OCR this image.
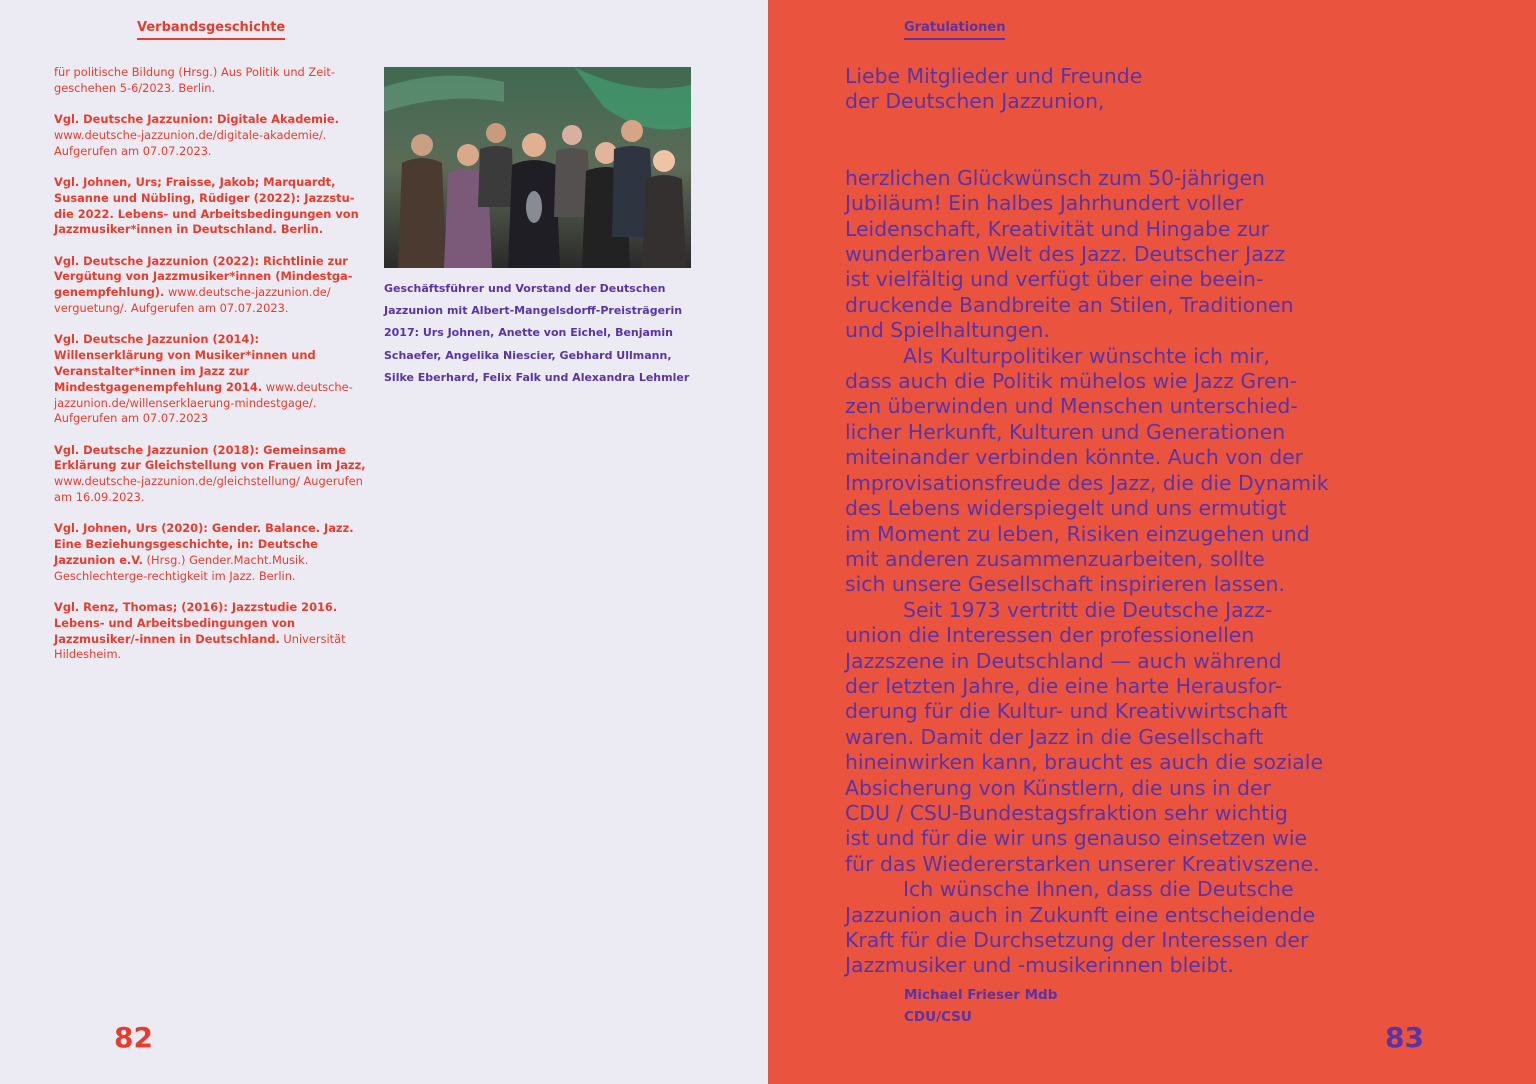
Verbandsgeschichte

für politische Bildung (Hrsg.) Aus Politik und Zeit-geschehen 5-6/2023. Berlin.

Vgl. Deutsche Jazzunion: Digitale Akademie. www.deutsche-jazzunion.de/digitale-akademie/. Aufgerufen am 07.07.2023.

Vgl. Johnen, Urs; Fraisse, Jakob; Marquardt, Susanne und Nübling, Rüdiger (2022): Jazzstu-die 2022. Lebens- und Arbeitsbedingungen von Jazzmusiker*innen in Deutschland. Berlin.

Vgl. Deutsche Jazzunion (2022): Richtlinie zur Vergütung von Jazzmusiker*innen (Mindestga-genempfehlung). www.deutsche-jazzunion.de/ verguetung/. Aufgerufen am 07.07.2023.

Vgl. Deutsche Jazzunion (2014): Willenserklärung von Musiker*innen und Veranstalter*innen im Jazz zur Mindestgagenempfehlung 2014. www.deutsche-jazzunion.de/willenserklaerung-mindestgage/. Aufgerufen am 07.07.2023

Vgl. Deutsche Jazzunion (2018): Gemeinsame Erklärung zur Gleichstellung von Frauen im Jazz, www.deutsche-jazzunion.de/gleichstellung/ Augerufen am 16.09.2023.

Vgl. Johnen, Urs (2020): Gender. Balance. Jazz. Eine Beziehungsgeschichte, in: Deutsche Jazzunion e.V. (Hrsg.) Gender.Macht.Musik. Geschlechterge-rechtigkeit im Jazz. Berlin.

Vgl. Renz, Thomas; (2016): Jazzstudie 2016. Lebens- und Arbeitsbedingungen von Jazzmusiker/-innen in Deutschland. Universität Hildesheim.

Geschäftsführer und Vorstand der Deutschen
Jazzunion mit Albert-Mangelsdorff-Preisträgerin
2017: Urs Johnen, Anette von Eichel, Benjamin
Schaefer, Angelika Niescier, Gebhard Ullmann,
Silke Eberhard, Felix Falk und Alexandra Lehmler
82
Gratulationen
Liebe Mitglieder und Freunde
der Deutschen Jazzunion,
herzlichen Glückwünsch zum 50-jährigen
Jubiläum! Ein halbes Jahrhundert voller
Leidenschaft, Kreativität und Hingabe zur
wunderbaren Welt des Jazz. Deutscher Jazz
ist vielfältig und verfügt über eine beein-
druckende Bandbreite an Stilen, Traditionen
und Spielhaltungen.
Als Kulturpolitiker wünschte ich mir,
dass auch die Politik mühelos wie Jazz Gren-
zen überwinden und Menschen unterschied-
licher Herkunft, Kulturen und Generationen
miteinander verbinden könnte. Auch von der
Improvisationsfreude des Jazz, die die Dynamik
des Lebens widerspiegelt und uns ermutigt
im Moment zu leben, Risiken einzugehen und
mit anderen zusammenzuarbeiten, sollte
sich unsere Gesellschaft inspirieren lassen.
Seit 1973 vertritt die Deutsche Jazz-
union die Interessen der professionellen
Jazzszene in Deutschland — auch während
der letzten Jahre, die eine harte Herausfor-
derung für die Kultur- und Kreativwirtschaft
waren. Damit der Jazz in die Gesellschaft
hineinwirken kann, braucht es auch die soziale
Absicherung von Künstlern, die uns in der
CDU / CSU-Bundestagsfraktion sehr wichtig
ist und für die wir uns genauso einsetzen wie
für das Wiedererstarken unserer Kreativszene.
Ich wünsche Ihnen, dass die Deutsche
Jazzunion auch in Zukunft eine entscheidende
Kraft für die Durchsetzung der Interessen der
Jazzmusiker und -musikerinnen bleibt.
Michael Frieser Mdb
CDU/CSU
83
